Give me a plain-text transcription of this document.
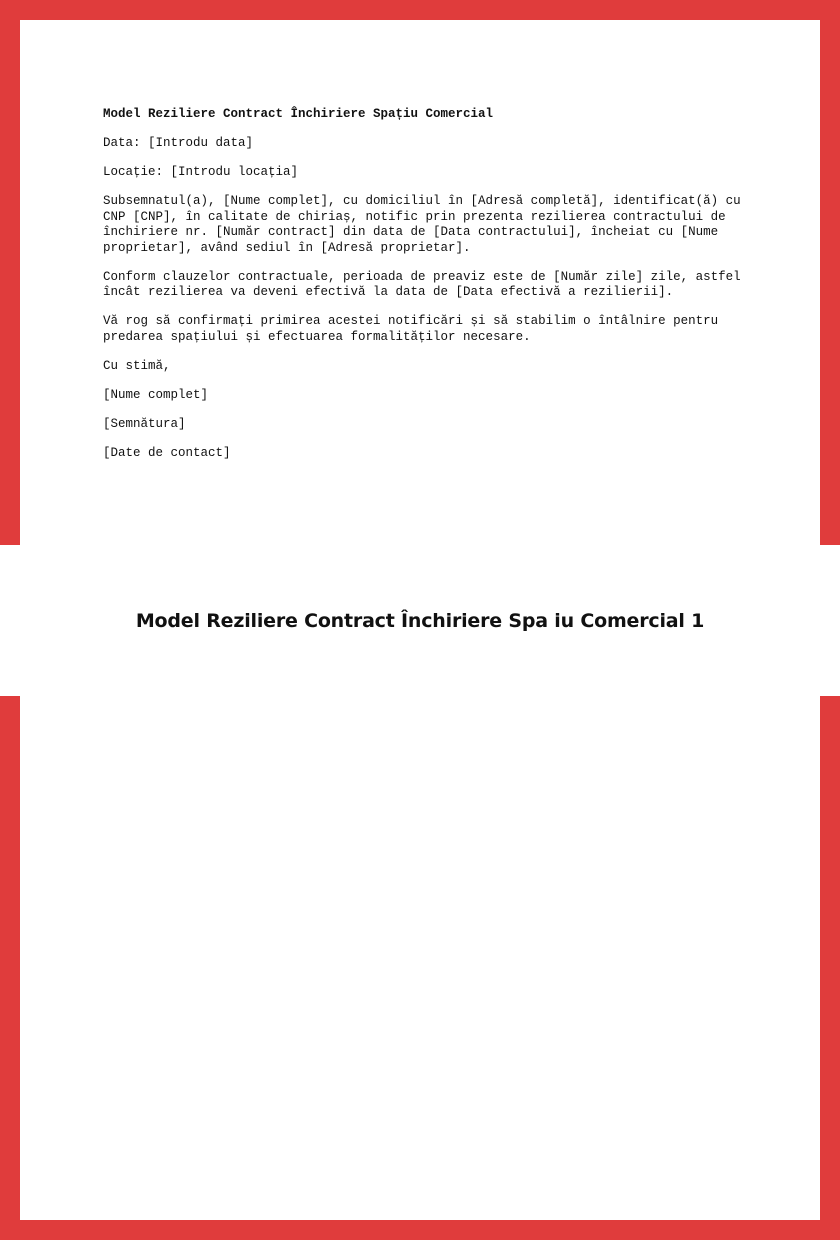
Model Reziliere Contract Închiriere Spațiu Comercial

Data: [Introdu data]

Locație: [Introdu locația]

Subsemnatul(a), [Nume complet], cu domiciliul în [Adresă completă], identificat(ă) cu
CNP [CNP], în calitate de chiriaș, notific prin prezenta rezilierea contractului de
închiriere nr. [Număr contract] din data de [Data contractului], încheiat cu [Nume
proprietar], având sediul în [Adresă proprietar].

Conform clauzelor contractuale, perioada de preaviz este de [Număr zile] zile, astfel
încât rezilierea va deveni efectivă la data de [Data efectivă a rezilierii].

Vă rog să confirmați primirea acestei notificări și să stabilim o întâlnire pentru
predarea spațiului și efectuarea formalităților necesare.

Cu stimă,

[Nume complet]

[Semnătura]

[Date de contact]

Model Reziliere Contract Închiriere Spa iu Comercial 1
